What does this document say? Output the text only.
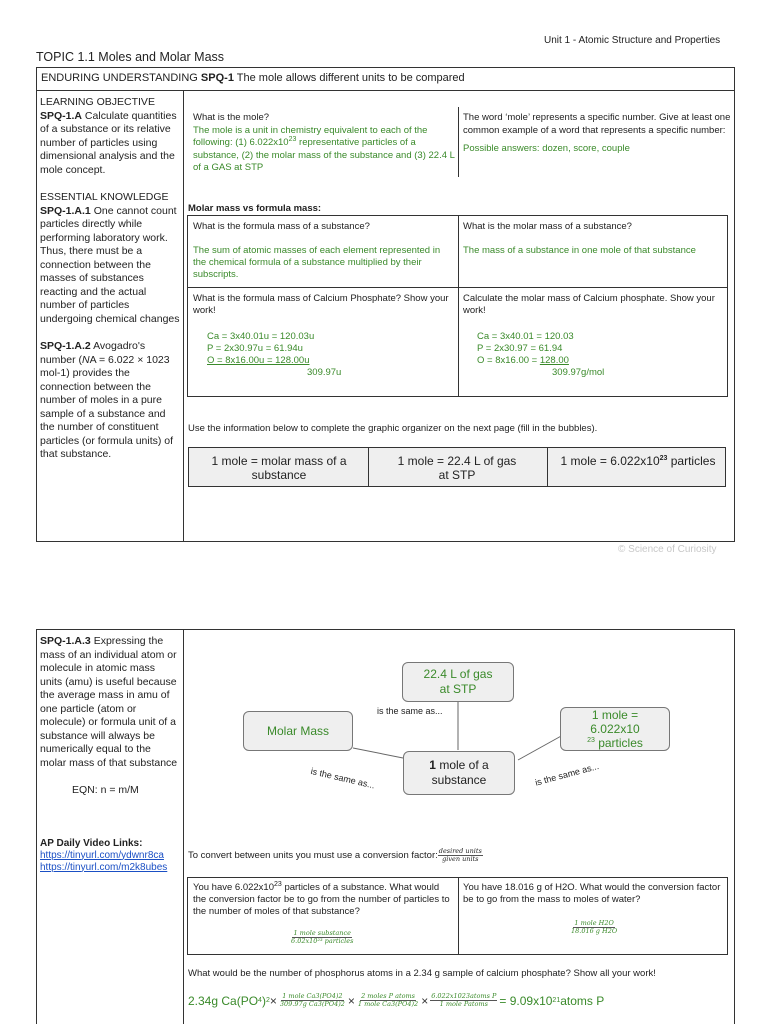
Unit 1 - Atomic Structure and Properties
TOPIC 1.1 Moles and Molar Mass
ENDURING UNDERSTANDING SPQ-1 The mole allows different units to be compared
LEARNING OBJECTIVE
SPQ-1.A Calculate quantities of a substance or its relative number of particles using dimensional analysis and the mole concept.
ESSENTIAL KNOWLEDGE SPQ-1.A.1 One cannot count particles directly while performing laboratory work. Thus, there must be a connection between the masses of substances reacting and the actual number of particles undergoing chemical changes
SPQ-1.A.2 Avogadro's number (NA = 6.022 × 1023 mol-1) provides the connection between the number of moles in a pure sample of a substance and the number of constituent particles (or formula units) of that substance.
What is the mole?
The mole is a unit in chemistry equivalent to each of the following: (1) $6.022x10^{23}$ representative particles of a substance, (2) the molar mass of the substance and (3) 22.4 L of a GAS at STP
The word ‘mole’ represents a specific number. Give at least one common example of a word that represents a specific number:
Possible answers: dozen, score, couple
Molar mass vs formula mass:
What is the formula mass of a substance?
The sum of atomic masses of each element represented in the chemical formula of a substance multiplied by their subscripts.
What is the molar mass of a substance?
The mass of a substance in one mole of that substance
What is the formula mass of Calcium Phosphate? Show your work!
Ca = 3x40.01u = 120.03u
P = 2x30.97u = 61.94u
O = 8x16.00u = 128.00u
309.97u
Calculate the molar mass of Calcium phosphate. Show your work!
Ca = 3x40.01 = 120.03
P = 2x30.97 = 61.94
O = 8x16.00 = 128.00
309.97g/mol
Use the information below to complete the graphic organizer on the next page (fill in the bubbles).
1 mole = molar mass of a substance
1 mole = 22.4 L of gas at STP
1 mole = $6.022x10^{23}$ particles
© Science of Curiosity
SPQ-1.A.3 Expressing the mass of an individual atom or molecule in atomic mass units (amu) is useful because the average mass in amu of one particle (atom or molecule) or formula unit of a substance will always be numerically equal to the molar mass of that substance
EQN: n = m/M
AP Daily Video Links:
https://tinyurl.com/ydwnr8ca
https://tinyurl.com/m2k8ubes
22.4 L of gas at STP
Molar Mass
1 mole = 6.022x10
$^{23}$ particles
1 mole of a substance
is the same as...
is the same as...	is the same as...
To convert between units you must use a conversion factor: $\frac{\text{desired units}}{\text{given units}}$
You have $6.022x10^{23}$ particles of a substance. What would the conversion factor be to go from the number of particles to the number of moles of that substance?
$\frac{\text{1 mole substance}}{\text{6.02x10²³ particles}}$
You have 18.016 g of H2O. What would the conversion factor be to go from the mass to moles of water?
$\frac{\text{1 mole H2O}}{\text{18.016 g H2O}}$
What would be the number of phosphorus atoms in a 2.34 g sample of calcium phosphate? Show all your work!
2.34g Ca (PO 4 ) $2 \times \frac{\text{1 mole Ca3(PO4)2}}{\text{309.97g Ca3(PO4)2}} \times \frac{\text{2 moles P atoms}}{\text{1 mole Ca3(PO4)2}} \times \frac{\text{6.022x1023atoms P}}{\text{1 mole Patoms}} = 9.09x10$ 21 atoms P
